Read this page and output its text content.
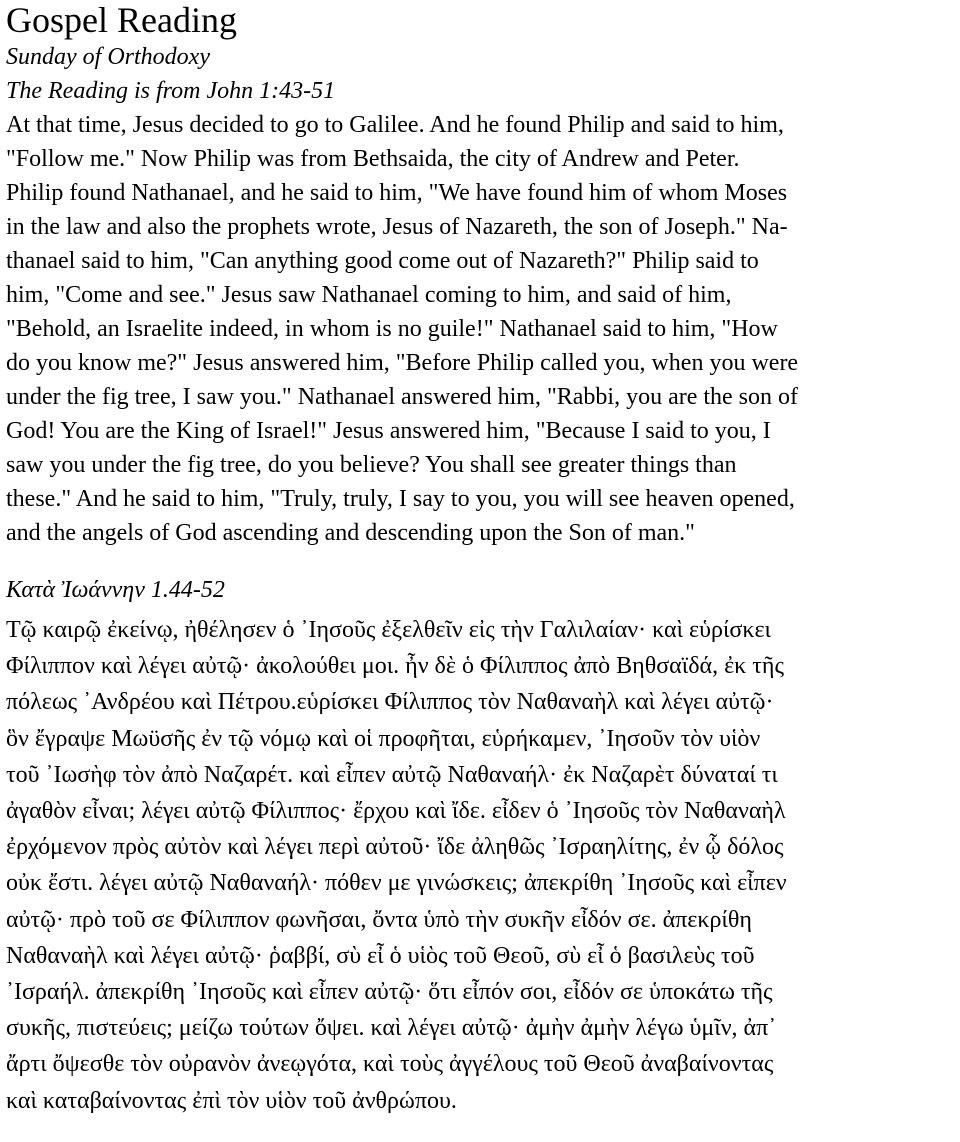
Gospel Reading
Sunday of Orthodoxy
The Reading is from John 1:43-51
At that time, Jesus decided to go to Galilee. And he found Philip and said to him,
"Follow me." Now Philip was from Bethsaida, the city of Andrew and Peter.
Philip found Nathanael, and he said to him, "We have found him of whom Moses
in the law and also the prophets wrote, Jesus of Nazareth, the son of Joseph." Na-
thanael said to him, "Can anything good come out of Nazareth?" Philip said to
him, "Come and see." Jesus saw Nathanael coming to him, and said of him,
"Behold, an Israelite indeed, in whom is no guile!" Nathanael said to him, "How
do you know me?" Jesus answered him, "Before Philip called you, when you were
under the fig tree, I saw you." Nathanael answered him, "Rabbi, you are the son of
God! You are the King of Israel!" Jesus answered him, "Because I said to you, I
saw you under the fig tree, do you believe? You shall see greater things than
these." And he said to him, "Truly, truly, I say to you, you will see heaven opened,
and the angels of God ascending and descending upon the Son of man."
Κατὰ Ἰωάννην 1.44-52
Τῷ καιρῷ ἐκείνῳ, ἠθέλησεν ὁ ᾿Ιησοῦς ἐξελθεῖν εἰς τὴν Γαλιλαίαν· καὶ εὑρίσκει
Φίλιππον καὶ λέγει αὐτῷ· ἀκολούθει μοι. ἦν δὲ ὁ Φίλιππος ἀπὸ Βηθσαϊδά, ἐκ τῆς
πόλεως ᾿Ανδρέου καὶ Πέτρου.εὑρίσκει Φίλιππος τὸν Ναθαναὴλ καὶ λέγει αὐτῷ·
ὃν ἔγραψε Μωϋσῆς ἐν τῷ νόμῳ καὶ οἱ προφῆται, εὑρήκαμεν, ᾿Ιησοῦν τὸν υἱὸν
τοῦ ᾿Ιωσὴφ τὸν ἀπὸ Ναζαρέτ. καὶ εἶπεν αὐτῷ Ναθαναήλ· ἐκ Ναζαρὲτ δύναταί τι
ἀγαθὸν εἶναι; λέγει αὐτῷ Φίλιππος· ἔρχου καὶ ἴδε. εἶδεν ὁ ᾿Ιησοῦς τὸν Ναθαναὴλ
ἐρχόμενον πρὸς αὐτὸν καὶ λέγει περὶ αὐτοῦ· ἴδε ἀληθῶς ᾿Ισραηλίτης, ἐν ᾧ δόλος
οὐκ ἔστι. λέγει αὐτῷ Ναθαναήλ· πόθεν με γινώσκεις; ἀπεκρίθη ᾿Ιησοῦς καὶ εἶπεν
αὐτῷ· πρὸ τοῦ σε Φίλιππον φωνῆσαι, ὄντα ὑπὸ τὴν συκῆν εἶδόν σε. ἀπεκρίθη
Ναθαναὴλ καὶ λέγει αὐτῷ· ῥαββί, σὺ εἶ ὁ υἱὸς τοῦ Θεοῦ, σὺ εἶ ὁ βασιλεὺς τοῦ
᾿Ισραήλ. ἀπεκρίθη ᾿Ιησοῦς καὶ εἶπεν αὐτῷ· ὅτι εἶπόν σοι, εἶδόν σε ὑποκάτω τῆς
συκῆς, πιστεύεις; μείζω τούτων ὄψει. καὶ λέγει αὐτῷ· ἀμὴν ἀμὴν λέγω ὑμῖν, ἀπ᾿
ἄρτι ὄψεσθε τὸν οὐρανὸν ἀνεῳγότα, καὶ τοὺς ἀγγέλους τοῦ Θεοῦ ἀναβαίνοντας
καὶ καταβαίνοντας ἐπὶ τὸν υἱὸν τοῦ ἀνθρώπου.
